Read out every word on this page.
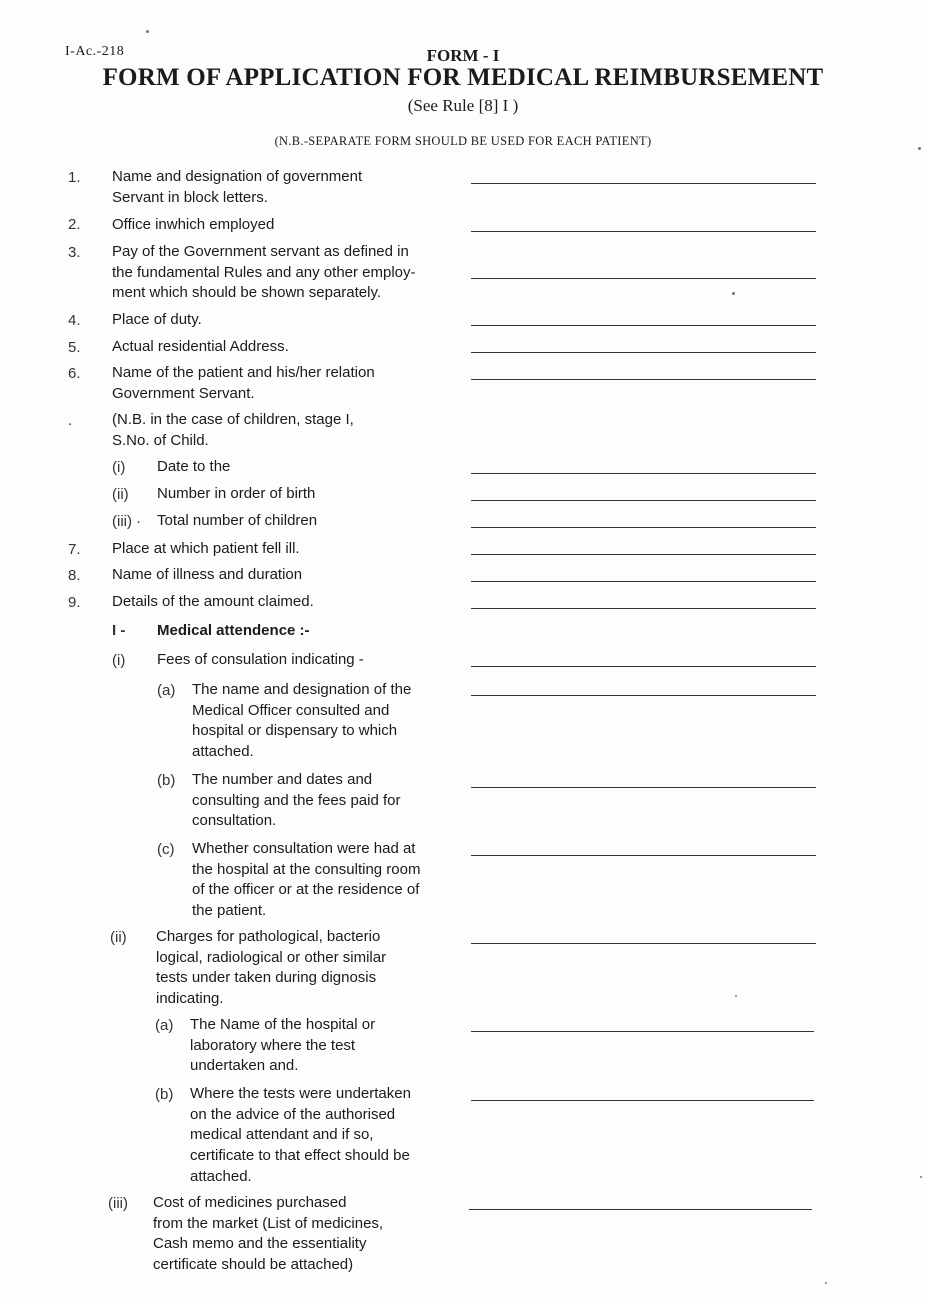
I-Ac.-218	FORM - I
FORM OF APPLICATION FOR MEDICAL REIMBURSEMENT
(See Rule [8] I )
(N.B.-SEPARATE FORM SHOULD BE USED FOR EACH PATIENT)
1. Name and designation of government
Servant in block letters.
2. Office inwhich employed
3. Pay of the Government servant as defined in
the fundamental Rules and any other employ-
ment which should be shown separately.
4. Place of duty.
5. Actual residential Address.
6. Name of the patient and his/her relation
Government Servant.
.	(N.B. in the case of children, stage I,
S.No. of Child.
(i) Date to the
(ii) Number in order of birth
(iii) · Total number of children
7. Place at which patient fell ill.
8. Name of illness and duration
9. Details of the amount claimed.
I - Medical attendence :-
(i) Fees of consulation indicating -
(a) The name and designation of the
Medical Officer consulted and
hospital or dispensary to which
attached.
(b) The number and dates and
consulting and the fees paid for
consultation.
(c) Whether consultation were had at
the hospital at the consulting room
of the officer or at the residence of
the patient.
(ii) Charges for pathological, bacterio
logical, radiological or other similar
tests under taken during dignosis
indicating.
(a) The Name of the hospital or
laboratory where the test
undertaken and.
(b) Where the tests were undertaken
on the advice of the authorised
medical attendant and if so,
certificate to that effect should be
attached.
(iii) Cost of medicines purchased
from the market (List of medicines,
Cash memo and the essentiality
certificate should be attached)
